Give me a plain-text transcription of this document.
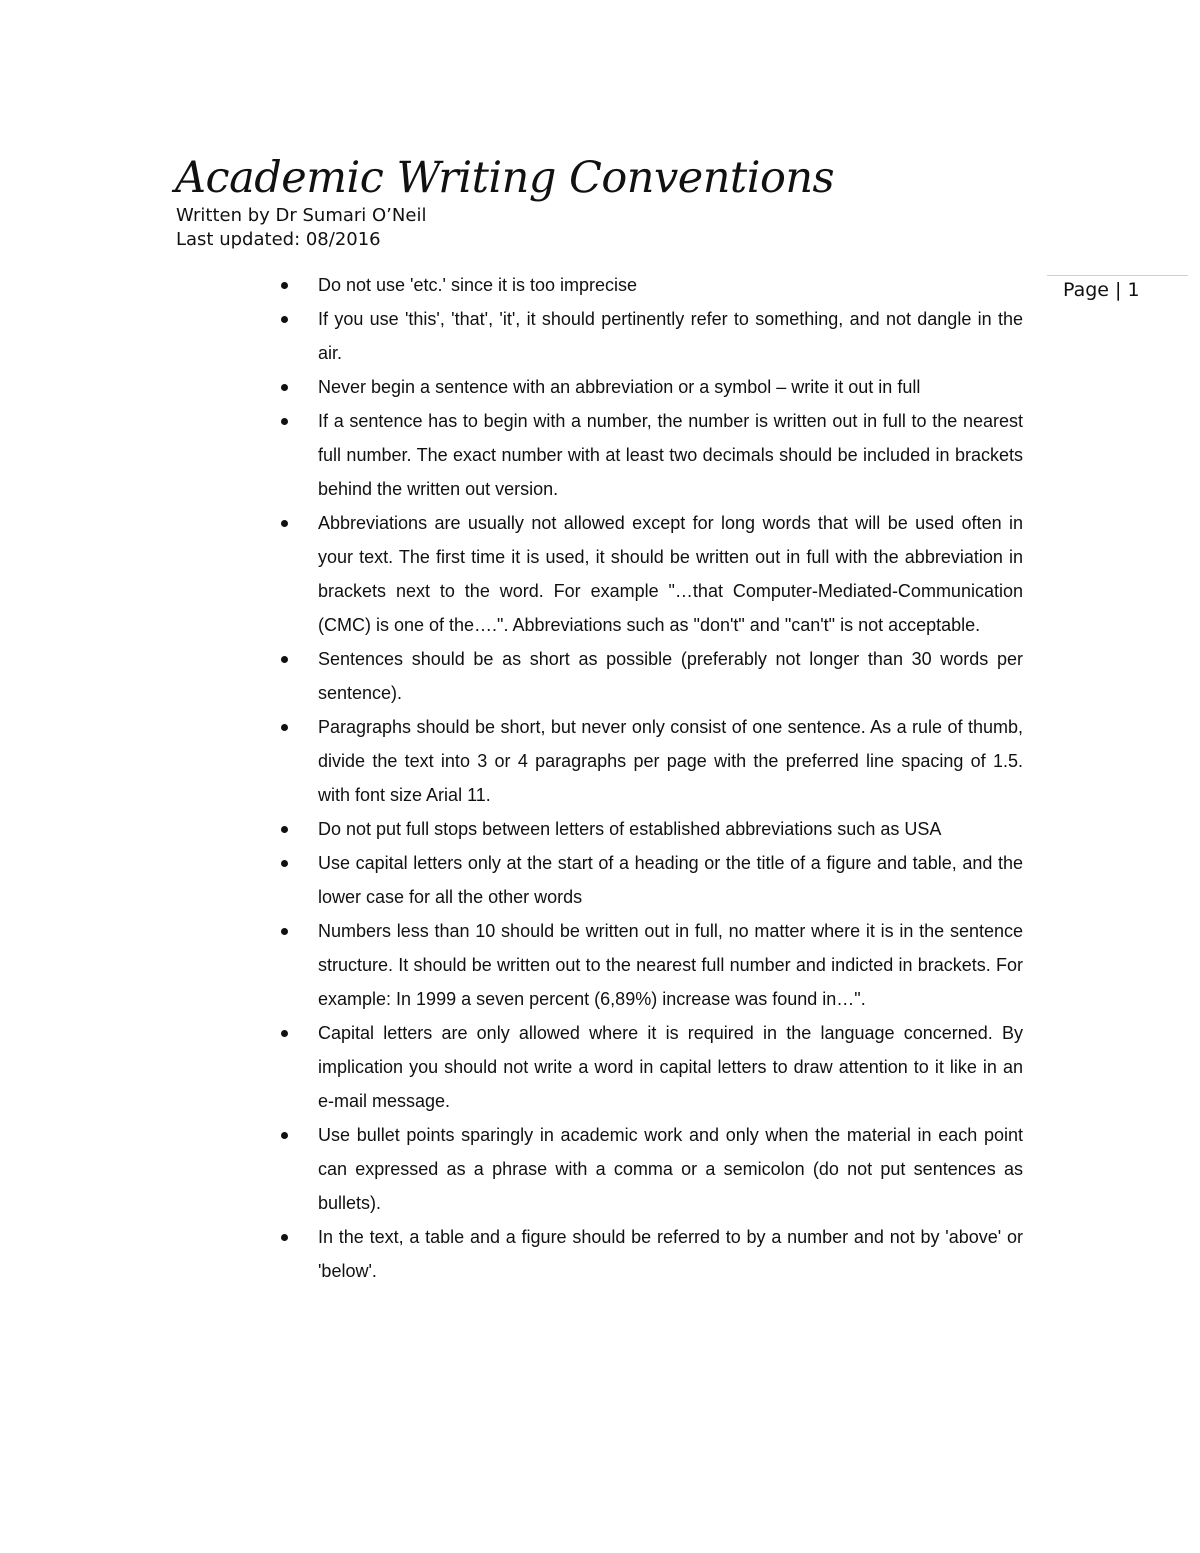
Academic Writing Conventions
Written by Dr Sumari O’Neil
Last updated: 08/2016
Page | 1
Do not use 'etc.' since it is too imprecise
If you use 'this', 'that', 'it', it should pertinently refer to something, and not dangle in the air.
Never begin a sentence with an abbreviation or a symbol – write it out in full
If a sentence has to begin with a number, the number is written out in full to the nearest full number. The exact number with at least two decimals should be included in brackets behind the written out version.
Abbreviations are usually not allowed except for long words that will be used often in your text. The first time it is used, it should be written out in full with the abbreviation in brackets next to the word. For example "…that Computer-Mediated-Communication (CMC) is one of the….". Abbreviations such as "don't" and "can't" is not acceptable.
Sentences should be as short as possible (preferably not longer than 30 words per sentence).
Paragraphs should be short, but never only consist of one sentence. As a rule of thumb, divide the text into 3 or 4 paragraphs per page with the preferred line spacing of 1.5. with font size Arial 11.
Do not put full stops between letters of established abbreviations such as USA
Use capital letters only at the start of a heading or the title of a figure and table, and the lower case for all the other words
Numbers less than 10 should be written out in full, no matter where it is in the sentence structure. It should be written out to the nearest full number and indicted in brackets. For example: In 1999 a seven percent (6,89%) increase was found in…".
Capital letters are only allowed where it is required in the language concerned. By implication you should not write a word in capital letters to draw attention to it like in an e-mail message.
Use bullet points sparingly in academic work and only when the material in each point can expressed as a phrase with a comma or a semicolon (do not put sentences as bullets).
In the text, a table and a figure should be referred to by a number and not by 'above' or 'below'.
